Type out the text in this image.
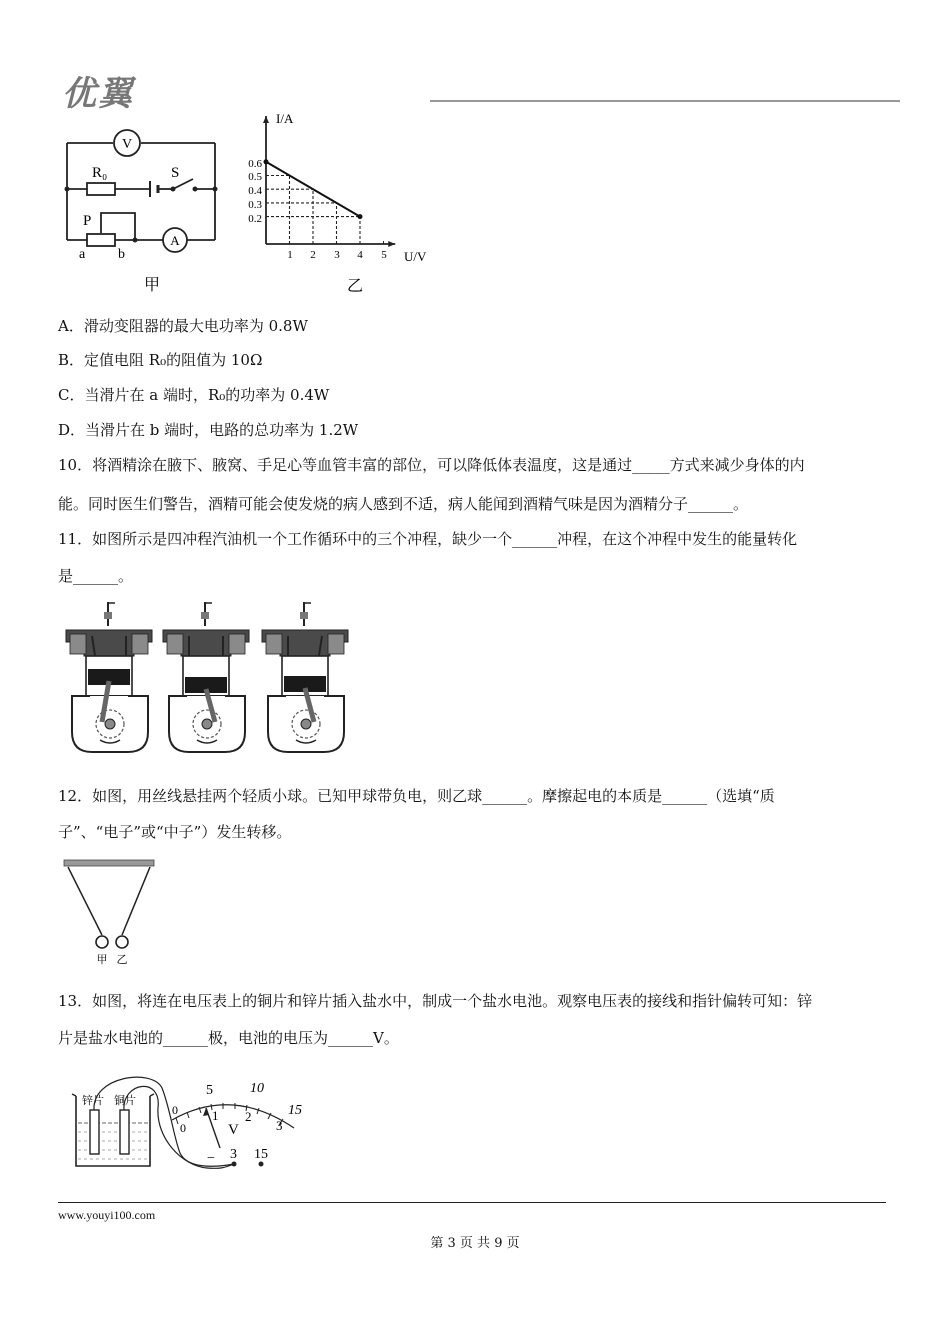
优翼
V
R₀	S
P
a b
A
甲
I/A
U/V
0.6
0.5
0.4
0.3
0.2
1 2 3 4 5
乙
A．滑动变阻器的最大电功率为 0.8W
B．定值电阻 R₀的阻值为 10Ω
C．当滑片在 a 端时，R₀的功率为 0.4W
D．当滑片在 b 端时，电路的总功率为 1.2W
10．将酒精涂在腋下、腋窝、手足心等血管丰富的部位，可以降低体表温度，这是通过_____方式来减少身体的内
能。同时医生们警告，酒精可能会使发烧的病人感到不适，病人能闻到酒精气味是因为酒精分子______。
11．如图所示是四冲程汽油机一个工作循环中的三个冲程，缺少一个______冲程，在这个冲程中发生的能量转化
是______。
12．如图，用丝线悬挂两个轻质小球。已知甲球带负电，则乙球______。摩擦起电的本质是______（选填“质
子”、“电子”或“中子”）发生转移。
甲 乙
13．如图，将连在电压表上的铜片和锌片插入盐水中，制成一个盐水电池。观察电压表的接线和指针偏转可知：锌
片是盐水电池的______极，电池的电压为______V。
锌片 铜片
0
5	10
15
0
1 2
3
V
− 3 15
www.youyi100.com
第 3 页 共 9 页
